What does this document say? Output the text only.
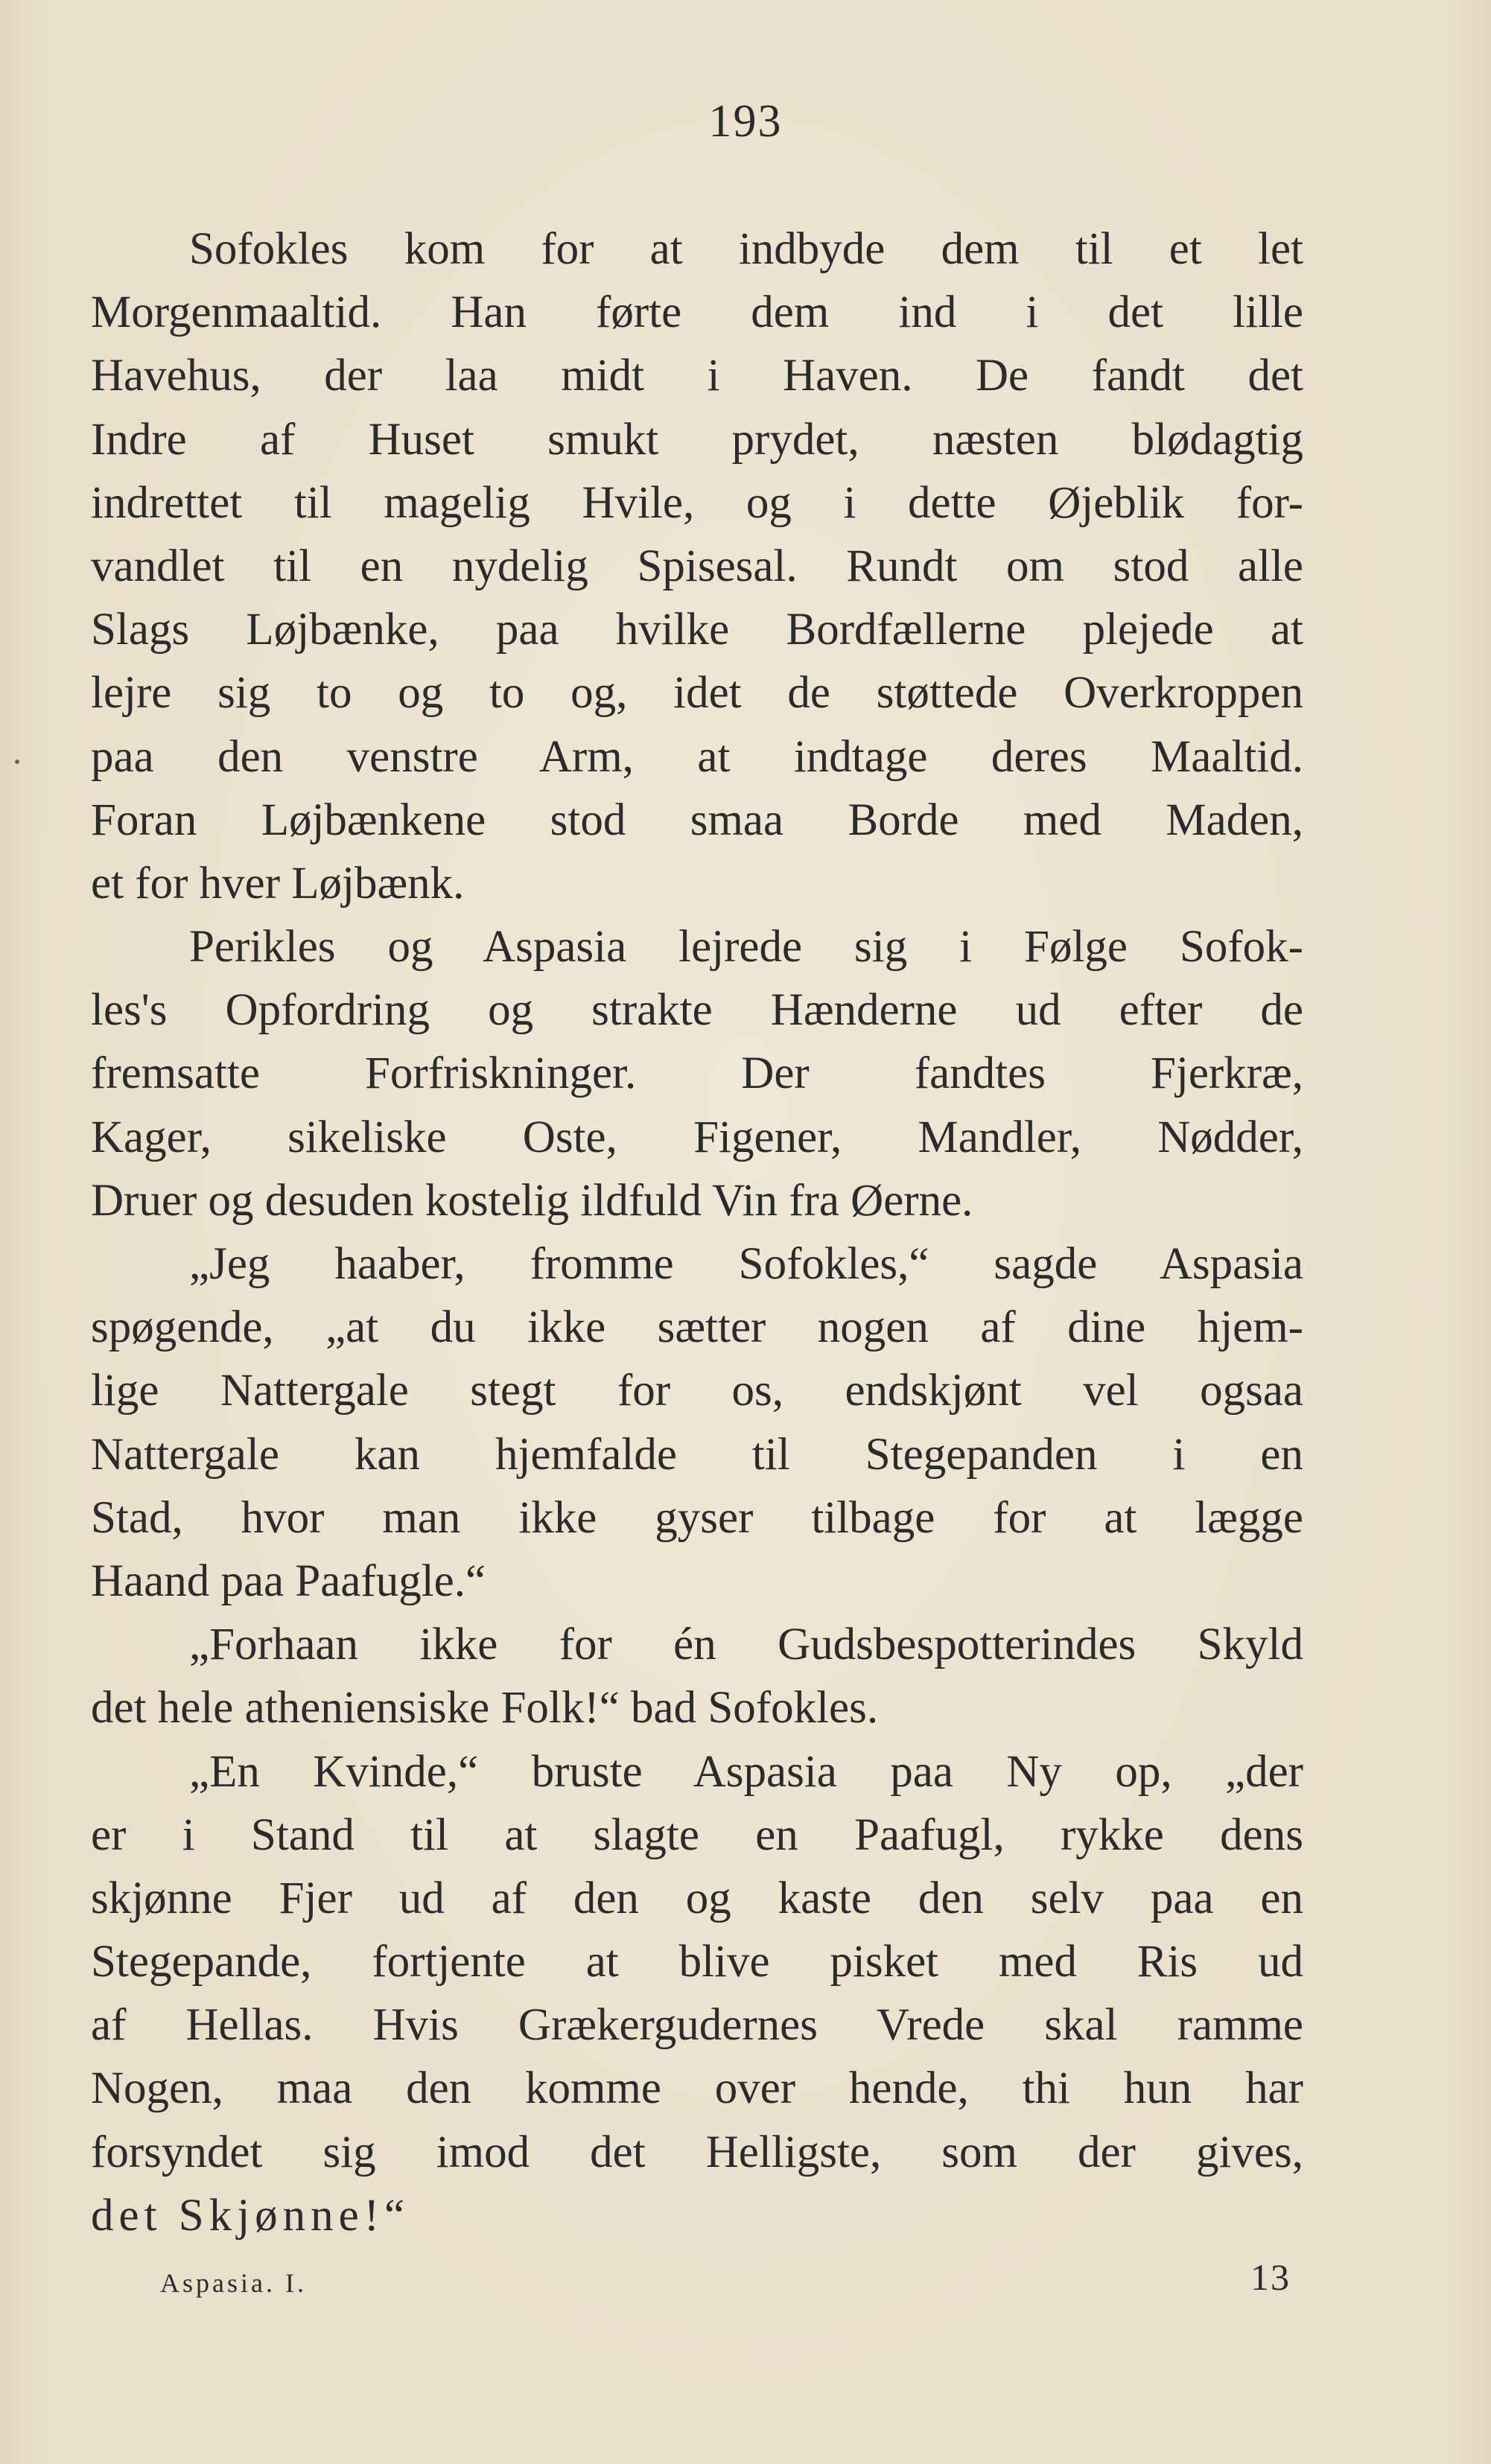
193
Sofokles kom for at indbyde dem til et let
Morgenmaaltid. Han førte dem ind i det lille
Havehus, der laa midt i Haven. De fandt det
Indre af Huset smukt prydet, næsten blødagtig
indrettet til magelig Hvile, og i dette Øjeblik for-
vandlet til en nydelig Spisesal. Rundt om stod alle
Slags Løjbænke, paa hvilke Bordfællerne plejede at
lejre sig to og to og, idet de støttede Overkroppen
paa den venstre Arm, at indtage deres Maaltid.
Foran Løjbænkene stod smaa Borde med Maden,
et for hver Løjbænk.
Perikles og Aspasia lejrede sig i Følge Sofok-
les's Opfordring og strakte Hænderne ud efter de
fremsatte Forfriskninger. Der fandtes Fjerkræ,
Kager, sikeliske Oste, Figener, Mandler, Nødder,
Druer og desuden kostelig ildfuld Vin fra Øerne.
„Jeg haaber, fromme Sofokles,“ sagde Aspasia
spøgende, „at du ikke sætter nogen af dine hjem-
lige Nattergale stegt for os, endskjønt vel ogsaa
Nattergale kan hjemfalde til Stegepanden i en
Stad, hvor man ikke gyser tilbage for at lægge
Haand paa Paafugle.“
„Forhaan ikke for én Gudsbespotterindes Skyld
det hele atheniensiske Folk!“ bad Sofokles.
„En Kvinde,“ bruste Aspasia paa Ny op, „der
er i Stand til at slagte en Paafugl, rykke dens
skjønne Fjer ud af den og kaste den selv paa en
Stegepande, fortjente at blive pisket med Ris ud
af Hellas. Hvis Grækergudernes Vrede skal ramme
Nogen, maa den komme over hende, thi hun har
forsyndet sig imod det Helligste, som der gives,
det Skjønne!“
Aspasia. I.	13
